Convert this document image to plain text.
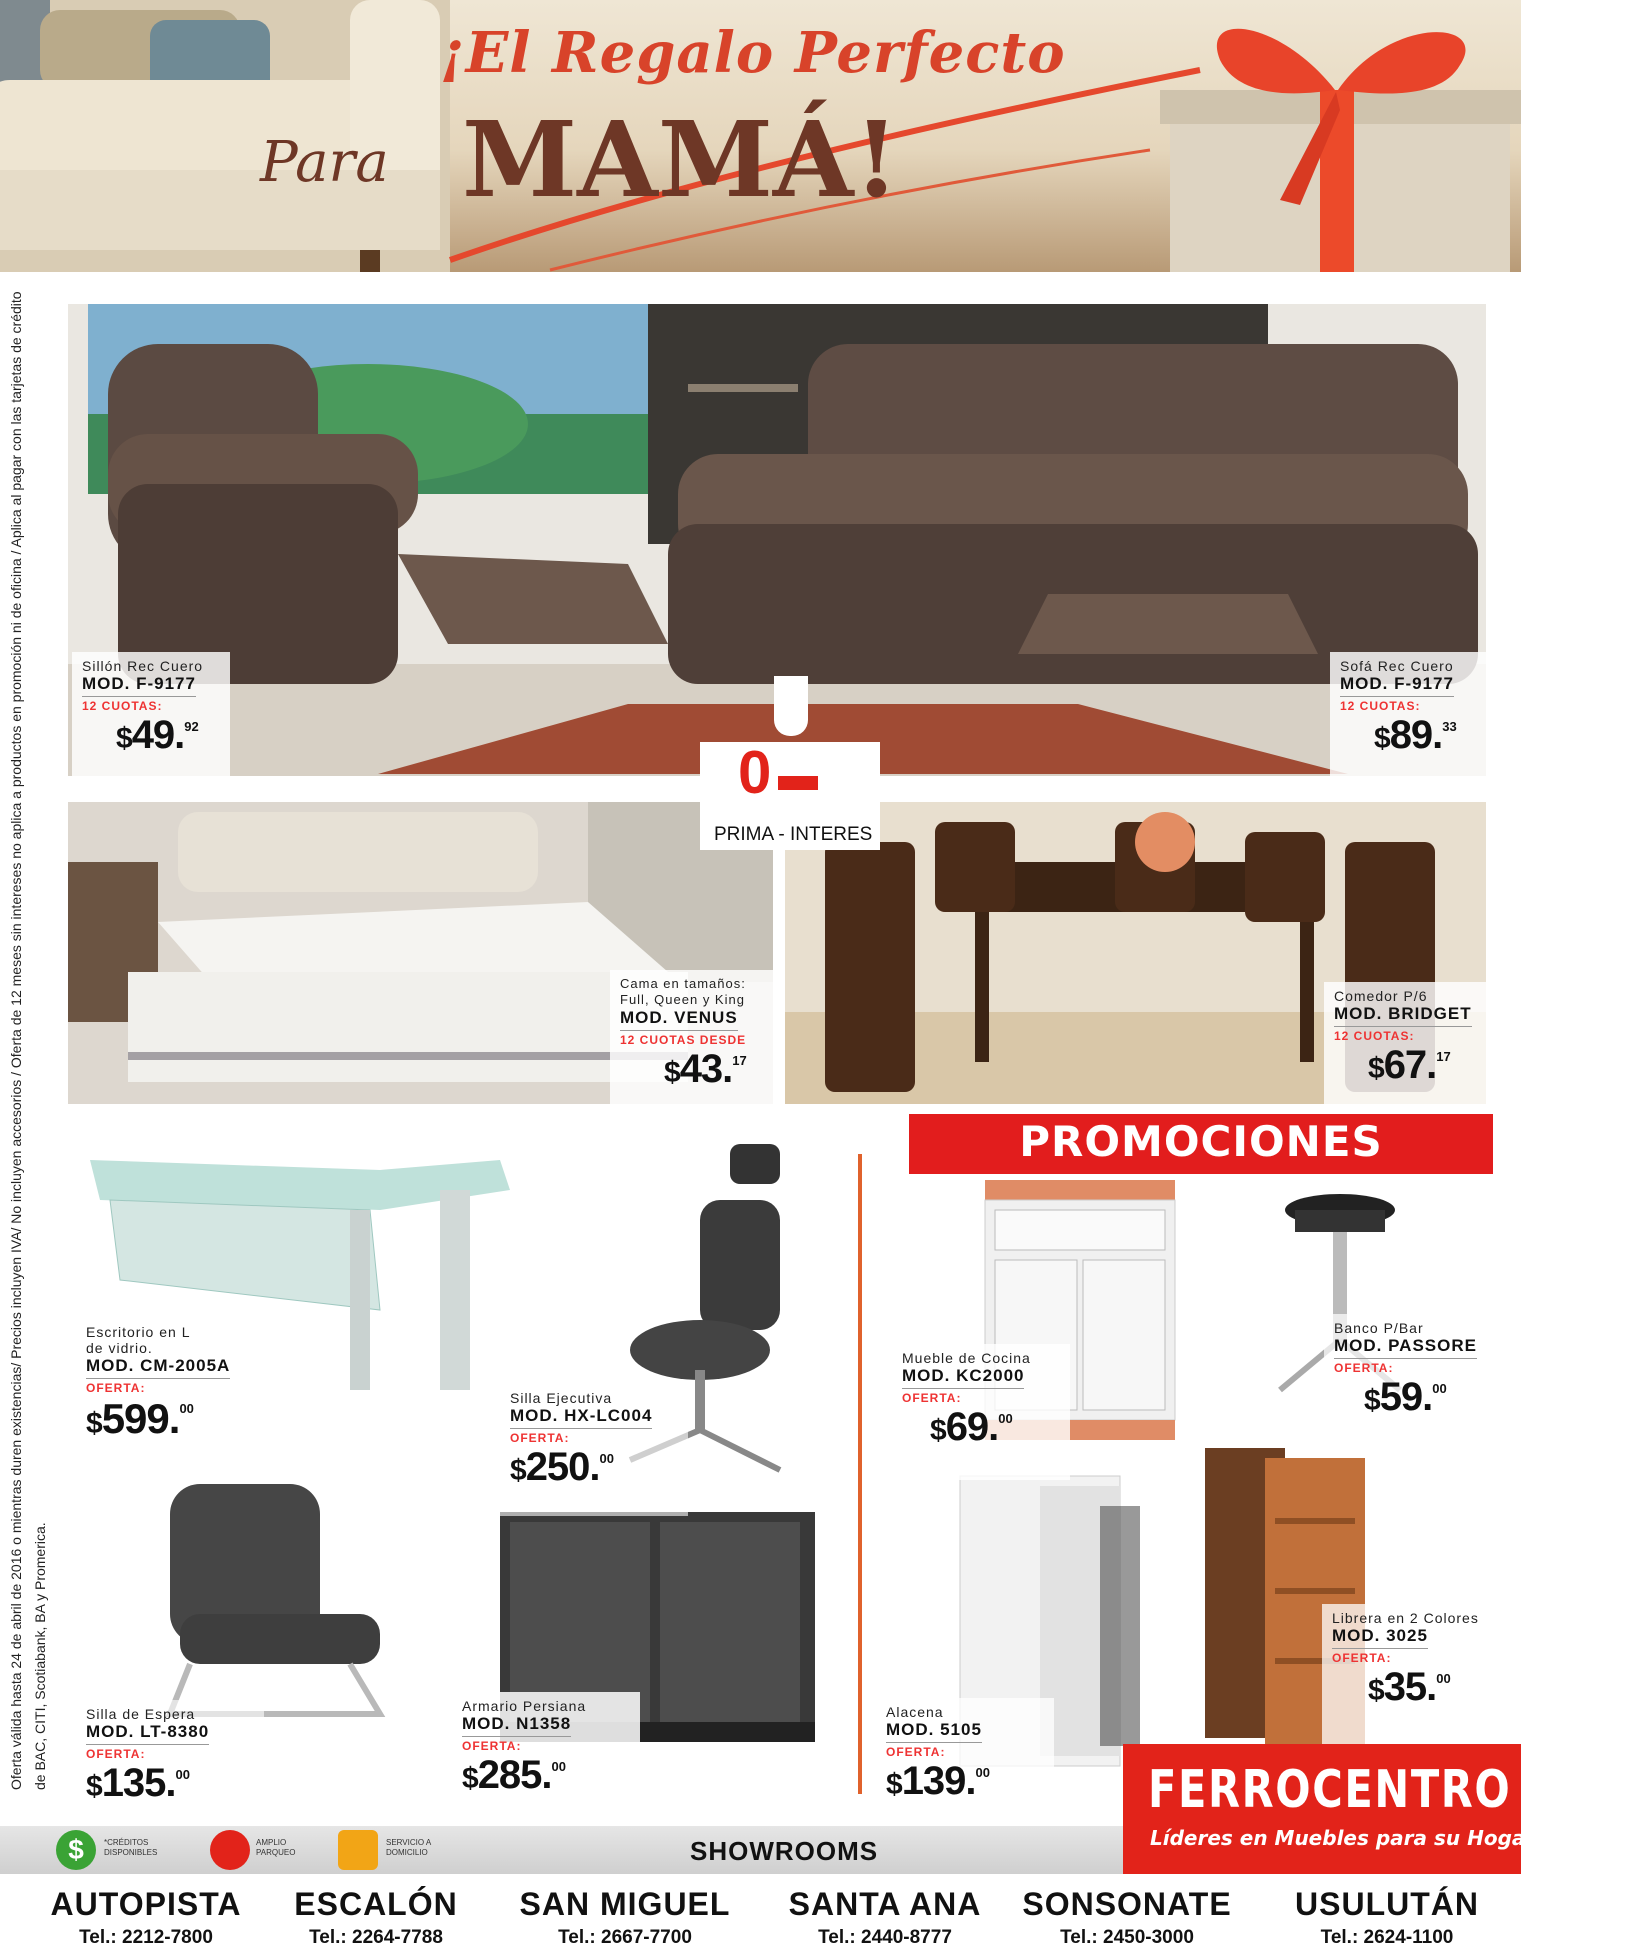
¡El Regalo Perfecto
Para MAMÁ!
Oferta válida hasta 24 de abril de 2016 o mientras duren existencias/ Precios incluyen IVA/ No incluyen accesorios / Oferta de 12 meses sin intereses no aplica a productos en promoción ni de oficina / Aplica al pagar con las tarjetas de crédito de BAC, CITI, Scotiabank, BA y Promerica.
0
PRIMA - INTERES
Sillón Rec Cuero
MOD. F-9177
12 CUOTAS:
$49.92
Sofá Rec Cuero
MOD. F-9177
12 CUOTAS:
$89.33
Cama en tamaños: Full, Queen y King
MOD. VENUS
12 CUOTAS DESDE
$43.17
Comedor P/6
MOD. BRIDGET
12 CUOTAS:
$67.17
Escritorio en L de vidrio.
MOD. CM-2005A
OFERTA:
$599.00
Silla Ejecutiva
MOD. HX-LC004
OFERTA:
$250.00
Silla de Espera
MOD. LT-8380
OFERTA:
$135.00
Armario Persiana
MOD. N1358
OFERTA:
$285.00
PROMOCIONES
Mueble de Cocina
MOD. KC2000
OFERTA:
$69.00
Banco P/Bar
MOD. PASSORE
OFERTA:
$59.00
Alacena
MOD. 5105
OFERTA:
$139.00
Librera en 2 Colores
MOD. 3025
OFERTA:
$35.00
FERROCENTRO
Líderes en Muebles para su Hogar y Oficina
$	*CRÉDITOS DISPONIBLES
AMPLIO PARQUEO
SERVICIO A DOMICILIO	SHOWROOMS
AUTOPISTA
Tel.: 2212-7800
ESCALÓN
Tel.: 2264-7788
SAN MIGUEL
Tel.: 2667-7700
SANTA ANA
Tel.: 2440-8777
SONSONATE
Tel.: 2450-3000
USULUTÁN
Tel.: 2624-1100
